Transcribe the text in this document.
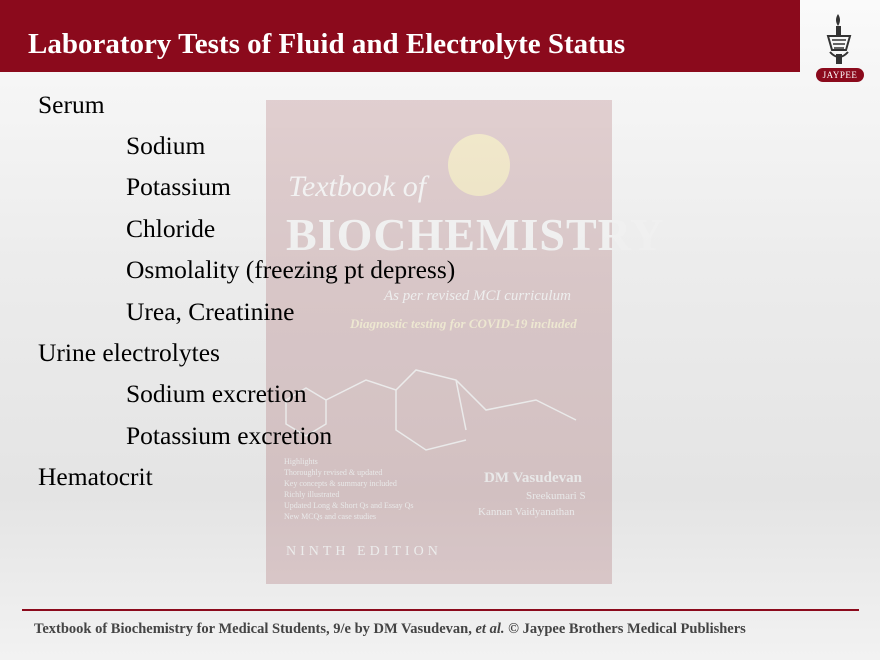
Laboratory Tests of Fluid and Electrolyte Status
JAYPEE
Textbook of
BIOCHEMISTRY
As per revised MCI curriculum
Diagnostic testing for COVID-19 included
Highlights
Thoroughly revised & updated
Key concepts & summary included
Richly illustrated
Updated Long & Short Qs and Essay Qs
New MCQs and case studies
DM Vasudevan
Sreekumari S
Kannan Vaidyanathan
NINTH EDITION
Serum
Sodium
Potassium
Chloride
Osmolality (freezing pt depress)
Urea, Creatinine
Urine electrolytes
Sodium excretion
Potassium excretion
Hematocrit
Textbook of Biochemistry for Medical Students, 9/e by DM Vasudevan, et al. © Jaypee Brothers Medical Publishers
